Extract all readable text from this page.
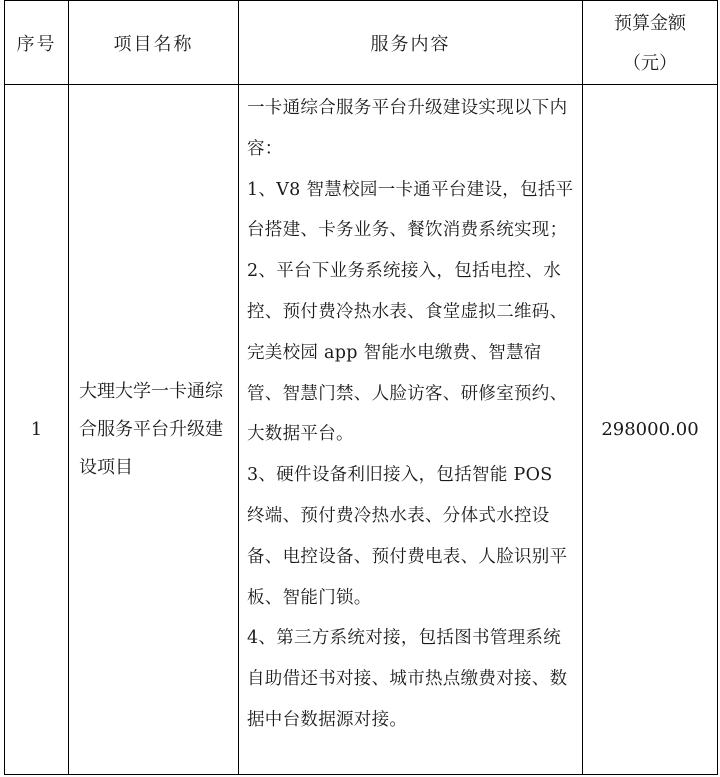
序号	项目名称	服务内容	预算金额
（元）

1	大理大学一卡通综合服务平台升级建设项目	一卡通综合服务平台升级建设实现以下内容：

1、V8 智慧校园一卡通平台建设，包括平台搭建、卡务业务、餐饮消费系统实现；

2、平台下业务系统接入，包括电控、水控、预付费冷热水表、食堂虚拟二维码、完美校园 app 智能水电缴费、智慧宿管、智慧门禁、人脸访客、研修室预约、大数据平台。

3、硬件设备利旧接入，包括智能 POS 终端、预付费冷热水表、分体式水控设备、电控设备、预付费电表、人脸识别平板、智能门锁。

4、第三方系统对接，包括图书管理系统自助借还书对接、城市热点缴费对接、数据中台数据源对接。	298000.00
